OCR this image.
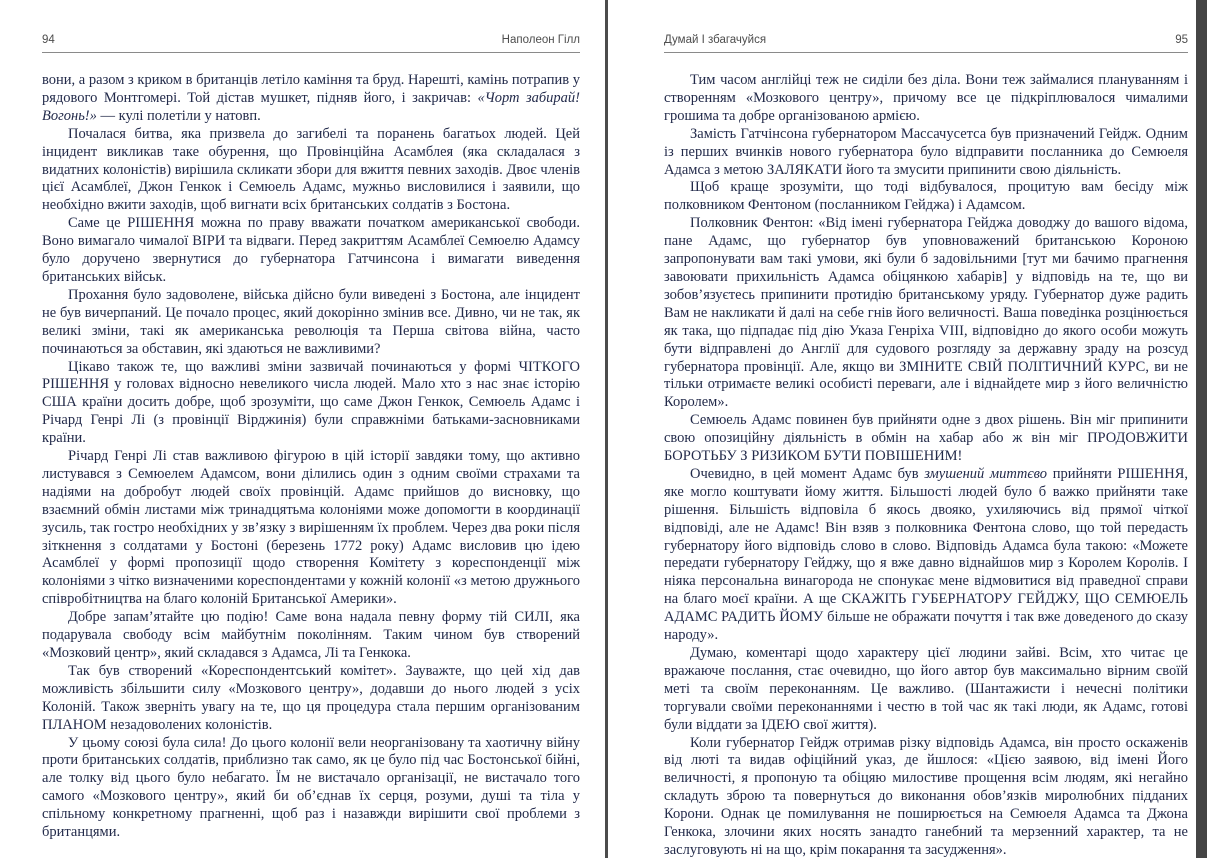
94	Наполеон Гілл

вони, а разом з криком в британців летіло каміння та бруд. Нарешті, камінь потрапив у рядового Монтгомері. Той дістав мушкет, підняв його, і закричав: «Чорт забирай! Вогонь!» — кулі полетіли у натовп.

Почалася битва, яка призвела до загибелі та поранень багатьох людей. Цей інцидент викликав таке обурення, що Провінційна Асамблея (яка складалася з видатних колоністів) вирішила скликати збори для вжиття певних заходів. Двоє членів цієї Асамблеї, Джон Генкок і Семюель Адамс, мужньо висловилися і заявили, що необхідно вжити заходів, щоб вигнати всіх британських солдатів з Бостона.

Саме це РІШЕННЯ можна по праву вважати початком американської свободи. Воно вимагало чималої ВІРИ та відваги. Перед закриттям Асамблеї Семюелю Адамсу було доручено звернутися до губернатора Гатчинсона і вимагати виведення британських військ.

Прохання було задоволене, війська дійсно були виведені з Бостона, але інцидент не був вичерпаний. Це почало процес, який докорінно змінив все. Дивно, чи не так, як великі зміни, такі як американська революція та Перша світова війна, часто починаються за обставин, які здаються не важливими?

Цікаво також те, що важливі зміни зазвичай починаються у формі ЧІТКОГО РІШЕННЯ у головах відносно невеликого числа людей. Мало хто з нас знає історію США країни досить добре, щоб зрозуміти, що саме Джон Генкок, Семюель Адамс і Річард Генрі Лі (з провінції Вірджинія) були справжніми батьками-засновниками країни.

Річард Генрі Лі став важливою фігурою в цій історії завдяки тому, що активно листувався з Семюелем Адамсом, вони ділились один з одним своїми страхами та надіями на добробут людей своїх провінцій. Адамс прийшов до висновку, що взаємний обмін листами між тринадцятьма колоніями може допомогти в координації зусиль, так гостро необхідних у зв’язку з вирішенням їх проблем. Через два роки після зіткнення з солдатами у Бостоні (березень 1772 року) Адамс висловив цю ідею Асамблеї у формі пропозиції щодо створення Комітету з кореспонденції між колоніями з чітко визначеними кореспондентами у кожній колонії «з метою дружнього співробітництва на благо колоній Британської Америки».

Добре запам’ятайте цю подію! Саме вона надала певну форму тій СИЛІ, яка подарувала свободу всім майбутнім поколінням. Таким чином був створений «Мозковий центр», який складався з Адамса, Лі та Генкока.

Так був створений «Кореспондентський комітет». Зауважте, що цей хід дав можливість збільшити силу «Мозкового центру», додавши до нього людей з усіх Колоній. Також зверніть увагу на те, що ця процедура стала першим організованим ПЛАНОМ незадоволених колоністів.

У цьому союзі була сила! До цього колонії вели неорганізовану та хаотичну війну проти британських солдатів, приблизно так само, як це було під час Бостонської бійні, але толку від цього було небагато. Їм не вистачало організації, не вистачало того самого «Мозкового центру», який би об’єднав їх серця, розуми, душі та тіла у спільному конкретному прагненні, щоб раз і назавжди вирішити свої проблеми з британцями.

Думай І збагачуйся	95

Тим часом англійці теж не сиділи без діла. Вони теж займалися плануванням і створенням «Мозкового центру», причому все це підкріплювалося чималими грошима та добре організованою армією.

Замість Гатчінсона губернатором Массачусетса був призначений Гейдж. Одним із перших вчинків нового губернатора було відправити посланника до Семюеля Адамса з метою ЗАЛЯКАТИ його та змусити припинити свою діяльність.

Щоб краще зрозуміти, що тоді відбувалося, процитую вам бесіду між полковником Фентоном (посланником Гейджа) і Адамсом.

Полковник Фентон: «Від імені губернатора Гейджа доводжу до вашого відома, пане Адамс, що губернатор був уповноважений британською Короною запропонувати вам такі умови, які були б задовільними [тут ми бачимо прагнення завоювати прихильність Адамса обіцянкою хабарів] у відповідь на те, що ви зобов’язуєтесь припинити протидію британському уряду. Губернатор дуже радить Вам не накликати й далі на себе гнів його величності. Ваша поведінка розцінюється як така, що підпадає під дію Указа Генріха VIII, відповідно до якого особи можуть бути відправлені до Англії для судового розгляду за державну зраду на розсуд губернатора провінції. Але, якщо ви ЗМІНИТЕ СВІЙ ПОЛІТИЧНИЙ КУРС, ви не тільки отримаєте великі особисті переваги, але і віднайдете мир з його величністю Королем».

Семюель Адамс повинен був прийняти одне з двох рішень. Він міг припинити свою опозиційну діяльність в обмін на хабар або ж він міг ПРОДОВЖИТИ БОРОТЬБУ З РИЗИКОМ БУТИ ПОВІШЕНИМ!

Очевидно, в цей момент Адамс був змушений миттєво прийняти РІШЕННЯ, яке могло коштувати йому життя. Більшості людей було б важко прийняти таке рішення. Більшість відповіла б якось двояко, ухиляючись від прямої чіткої відповіді, але не Адамс! Він взяв з полковника Фентона слово, що той передасть губернатору його відповідь слово в слово. Відповідь Адамса була такою: «Можете передати губернатору Гейджу, що я вже давно віднайшов мир з Королем Королів. І ніяка персональна винагорода не спонукає мене відмовитися від праведної справи на благо моєї країни. А ще СКАЖІТЬ ГУБЕРНАТОРУ ГЕЙДЖУ, ЩО СЕМЮЕЛЬ АДАМС РАДИТЬ ЙОМУ більше не ображати почуття і так вже доведеного до сказу народу».

Думаю, коментарі щодо характеру цієї людини зайві. Всім, хто читає це вражаюче послання, стає очевидно, що його автор був максимально вірним своїй меті та своїм переконанням. Це важливо. (Шантажисти і нечесні політики торгували своїми переконаннями і честю в той час як такі люди, як Адамс, готові були віддати за ІДЕЮ свої життя).

Коли губернатор Гейдж отримав різку відповідь Адамса, він просто оскаженів від люті та видав офіційний указ, де йшлося: «Цією заявою, від імені Його величності, я пропоную та обіцяю милостиве прощення всім людям, які негайно складуть зброю та повернуться до виконання обов’язків миролюбних підданих Корони. Однак це помилування не поширюється на Семюеля Адамса та Джона Генкока, злочини яких носять занадто ганебний та мерзенний характер, та не заслуговують ні на що, крім покарання та засудження».
